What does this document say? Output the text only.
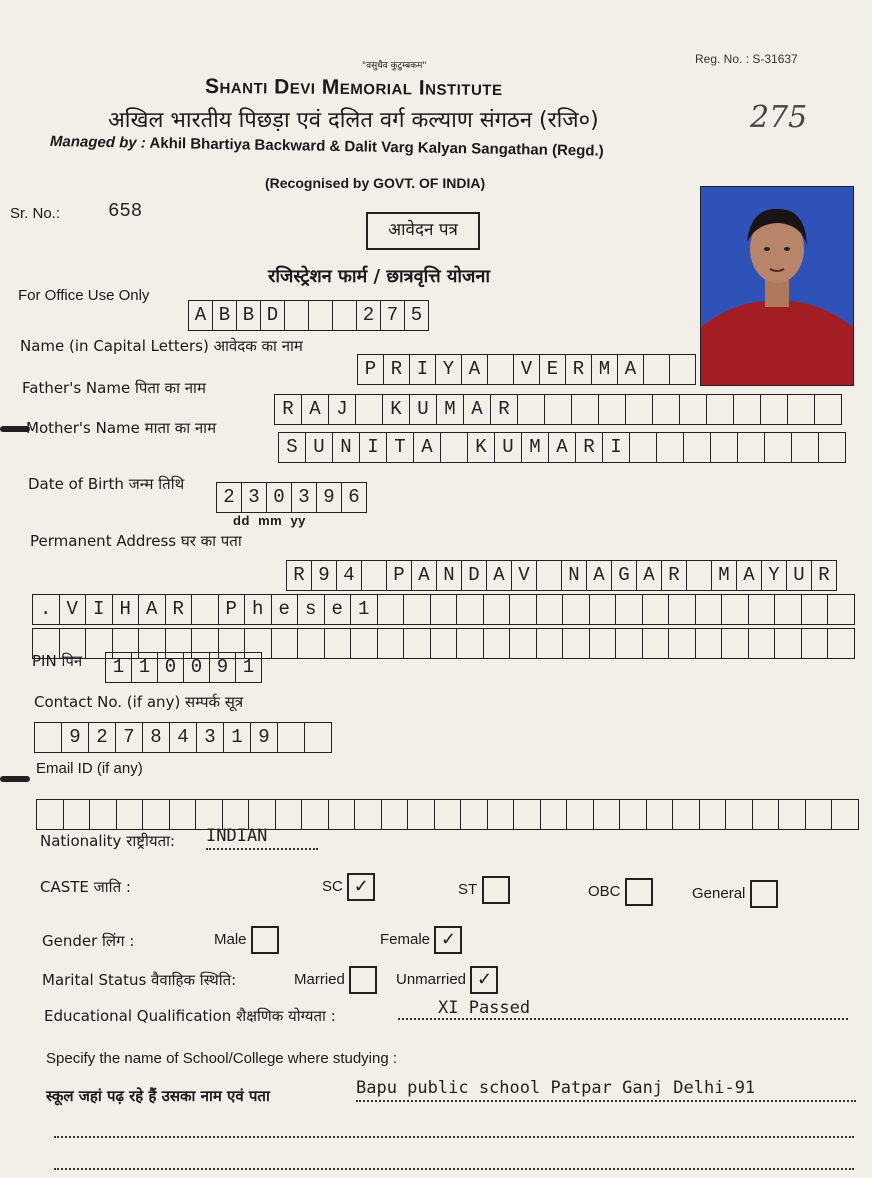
"वसुधैव कुटुम्बकम"	Reg. No. : S-31637
Shanti Devi Memorial Institute
अखिल भारतीय पिछड़ा एवं दलित वर्ग कल्याण संगठन (रजि०)	275
Managed by : Akhil Bhartiya Backward & Dalit Varg Kalyan Sangathan (Regd.)
(Recognised by GOVT. OF INDIA)
Sr. No.:	658
आवेदन पत्र
रजिस्ट्रेशन फार्म / छात्रवृत्ति योजना
For Office Use Only
A B B D	2 7 5
Name (in Capital Letters) आवेदक का नाम
P R I Y A	V E R M A
Father's Name पिता का नाम
R A J	K U M A R
Mother's Name माता का नाम
S U N I T A	K U M A R I
Date of Birth जन्म तिथि
2 3 0 3 9 6
dd  mm  yy
Permanent Address घर का पता
R 9 4	P A N D A V	N A G A R	M A Y U R
. V I H A R	P h e s e 1
PIN पिन	1 1 0 0 9 1
Contact No. (if any) सम्पर्क सूत्र
9 2 7 8 4 3 1 9
Email ID (if any)
Nationality राष्ट्रीयता: INDIAN
CASTE जाति :	SC ✓	ST	OBC	General
Gender लिंग :	Male	Female ✓
Marital Status वैवाहिक स्थिति:	Married	Unmarried ✓
Educational Qualification शैक्षणिक योग्यता :	XI Passed
Specify the name of School/College where studying :
स्कूल जहां पढ़ रहे हैं उसका नाम एवं पता	Bapu public school Patpar Ganj Delhi-91
